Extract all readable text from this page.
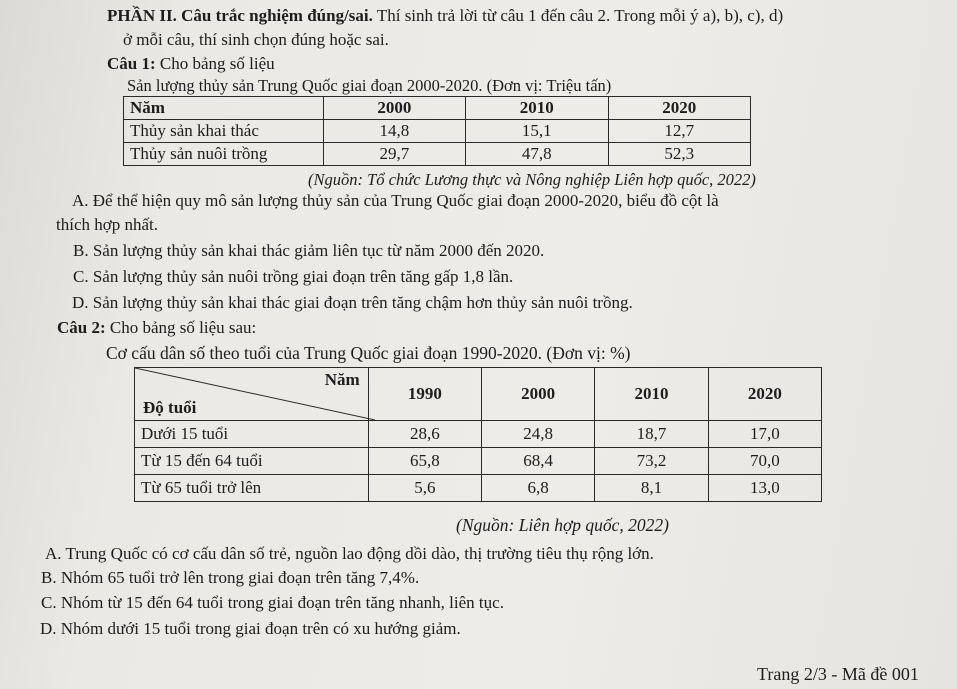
PHẦN II. Câu trắc nghiệm đúng/sai. Thí sinh trả lời từ câu 1 đến câu 2. Trong mỗi ý a), b), c), d)
ở mỗi câu, thí sinh chọn đúng hoặc sai.
Câu 1: Cho bảng số liệu
Sản lượng thủy sản Trung Quốc giai đoạn 2000-2020. (Đơn vị: Triệu tấn)
Năm	2000	2010	2020
Thủy sản khai thác	14,8	15,1	12,7
Thủy sản nuôi trồng	29,7	47,8	52,3
(Nguồn: Tổ chức Lương thực và Nông nghiệp Liên hợp quốc, 2022)
A. Để thể hiện quy mô sản lượng thủy sản của Trung Quốc giai đoạn 2000-2020, biểu đồ cột là
thích hợp nhất.
B. Sản lượng thủy sản khai thác giảm liên tục từ năm 2000 đến 2020.
C. Sản lượng thủy sản nuôi trồng giai đoạn trên tăng gấp 1,8 lần.
D. Sản lượng thủy sản khai thác giai đoạn trên tăng chậm hơn thủy sản nuôi trồng.
Câu 2: Cho bảng số liệu sau:
Cơ cấu dân số theo tuổi của Trung Quốc giai đoạn 1990-2020. (Đơn vị: %)
Năm
Độ tuổi	1990	2000	2010	2020
Dưới 15 tuổi	28,6	24,8	18,7	17,0
Từ 15 đến 64 tuổi	65,8	68,4	73,2	70,0
Từ 65 tuổi trở lên	5,6	6,8	8,1	13,0
(Nguồn: Liên hợp quốc, 2022)
A. Trung Quốc có cơ cấu dân số trẻ, nguồn lao động dồi dào, thị trường tiêu thụ rộng lớn.
B. Nhóm 65 tuổi trở lên trong giai đoạn trên tăng 7,4%.
C. Nhóm từ 15 đến 64 tuổi trong giai đoạn trên tăng nhanh, liên tục.
D. Nhóm dưới 15 tuổi trong giai đoạn trên có xu hướng giảm.
Trang 2/3 - Mã đề 001
